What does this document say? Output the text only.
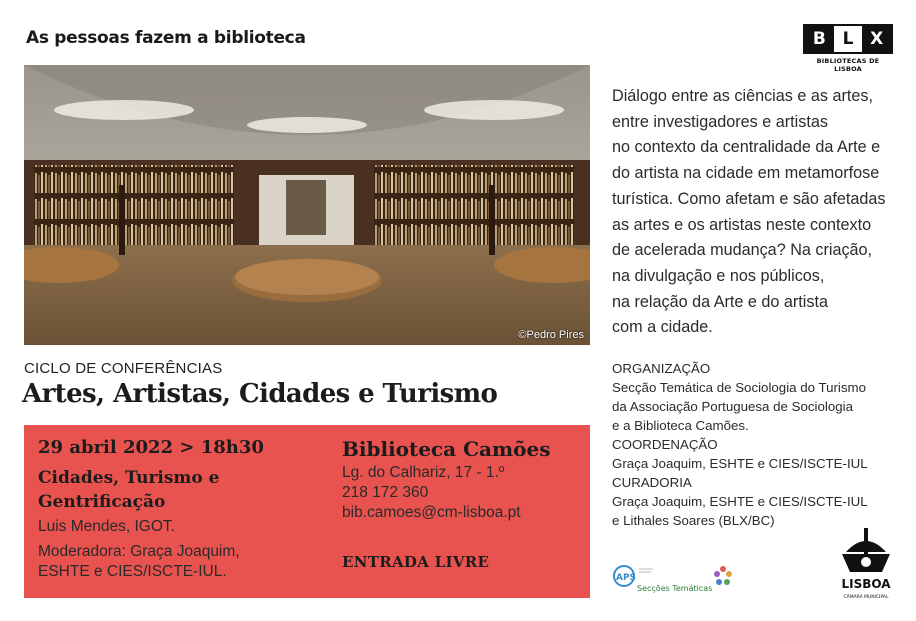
As pessoas fazem a biblioteca	B L X
BIBLIOTECAS DE LISBOA
©Pedro Pires
CICLO DE CONFERÊNCIAS
Artes, Artistas, Cidades e Turismo
29 abril 2022 > 18h30
Cidades, Turismo e Gentrificação
Luis Mendes, IGOT.
Moderadora: Graça Joaquim, ESHTE e CIES/ISCTE-IUL.
Biblioteca Camões
Lg. do Calhariz, 17 - 1.º
218 172 360
bib.camoes@cm-lisboa.pt
ENTRADA LIVRE
Diálogo entre as ciências e as artes,
entre investigadores e artistas
no contexto da centralidade da Arte e
do artista na cidade em metamorfose
turística. Como afetam e são afetadas
as artes e os artistas neste contexto
de acelerada mudança? Na criação,
na divulgação e nos públicos,
na relação da Arte e do artista
com a cidade.
ORGANIZAÇÃO
Secção Temática de Sociologia do Turismo
da Associação Portuguesa de Sociologia
e a Biblioteca Camões.
COORDENAÇÃO
Graça Joaquim, ESHTE e CIES/ISCTE-IUL
CURADORIA
Graça Joaquim, ESHTE e CIES/ISCTE-IUL
e Lithales Soares (BLX/BC)
APS
Secções Temáticas	LISBOA
CÂMARA MUNICIPAL
